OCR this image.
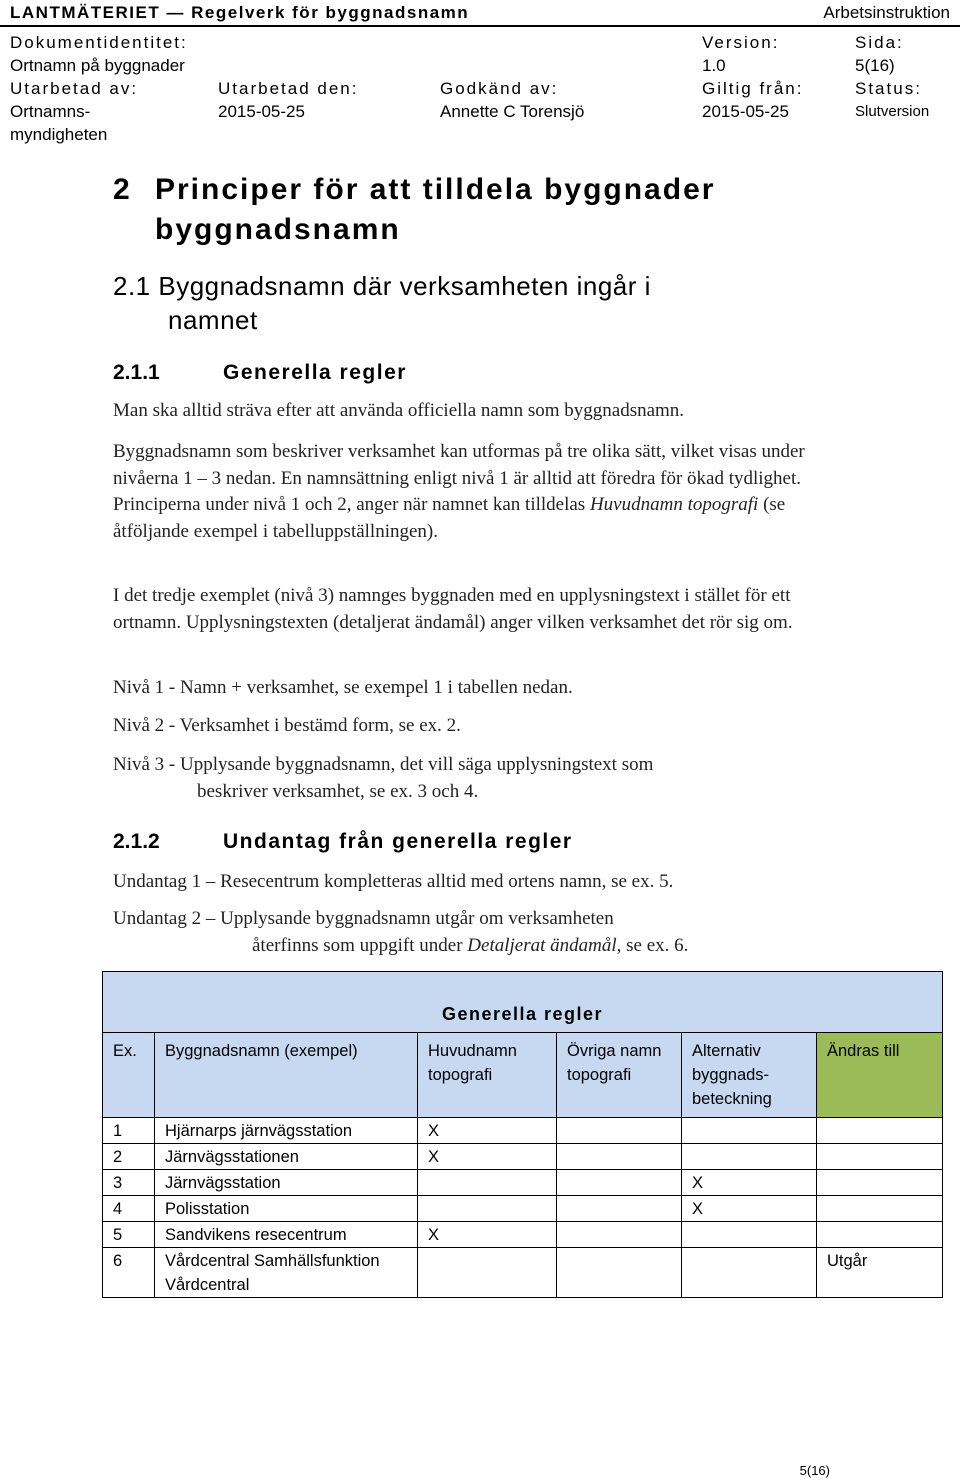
LANTMÄTERIET — Regelverk för byggnadsnamn	Arbetsinstruktion
Dokumentidentitet:
Ortnamn på byggnader
Version:
1.0
Sida:
5(16)
Utarbetad av:
Ortnamns-
myndigheten
Utarbetad den:
2015-05-25
Godkänd av:
Annette C Torensjö
Giltig från:
2015-05-25
Status:
Slutversion
2 Principer för att tilldela byggnader
byggnadsnamn
2.1 Byggnadsnamn där verksamheten ingår i
namnet
2.1.1	Generella regler
Man ska alltid sträva efter att använda officiella namn som byggnadsnamn.
Byggnadsnamn som beskriver verksamhet kan utformas på tre olika sätt, vilket visas under nivåerna 1 – 3 nedan. En namnsättning enligt nivå 1 är alltid att föredra för ökad tydlighet. Principerna under nivå 1 och 2, anger när namnet kan tilldelas Huvudnamn topografi (se åtföljande exempel i tabelluppställningen).
I det tredje exemplet (nivå 3) namnges byggnaden med en upplysningstext i stället för ett ortnamn. Upplysningstexten (detaljerat ändamål) anger vilken verksamhet det rör sig om.
Nivå 1 - Namn + verksamhet, se exempel 1 i tabellen nedan.
Nivå 2 - Verksamhet i bestämd form, se ex. 2.
Nivå 3 - Upplysande byggnadsnamn, det vill säga upplysningstext som
beskriver verksamhet, se ex. 3 och 4.
2.1.2	Undantag från generella regler
Undantag 1 – Resecentrum kompletteras alltid med ortens namn, se ex. 5.
Undantag 2 – Upplysande byggnadsnamn utgår om verksamheten
återfinns som uppgift under Detaljerat ändamål, se ex. 6.
Generella regler					
Ex.	Byggnadsnamn (exempel)	Huvudnamn topografi	Övriga namn topografi	Alternativ byggnads-beteckning	Ändras till
1	Hjärnarps järnvägsstation	X			
2	Järnvägsstationen	X			
3	Järnvägsstation			X	
4	Polisstation			X	
5	Sandvikens resecentrum	X			
6	Vårdcentral Samhällsfunktion Vårdcentral				Utgår
5(16)
